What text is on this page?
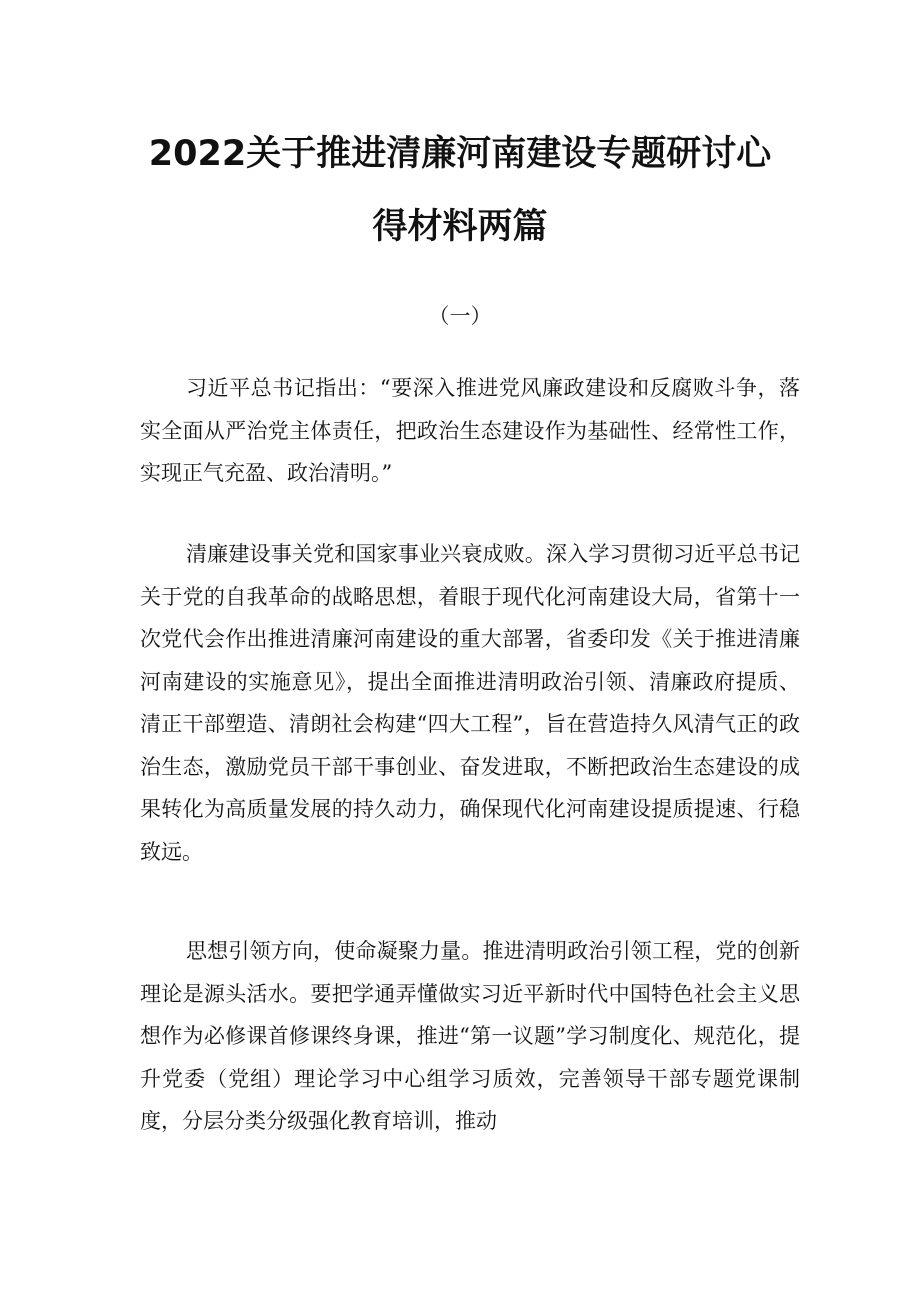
2022关于推进清廉河南建设专题研讨心
得材料两篇
（一）

习近平总书记指出：“要深入推进党风廉政建设和反腐败斗争，落实全面从严治党主体责任，把政治生态建设作为基础性、经常性工作，实现正气充盈、政治清明。”

清廉建设事关党和国家事业兴衰成败。深入学习贯彻习近平总书记关于党的自我革命的战略思想，着眼于现代化河南建设大局，省第十一次党代会作出推进清廉河南建设的重大部署，省委印发《关于推进清廉河南建设的实施意见》，提出全面推进清明政治引领、清廉政府提质、清正干部塑造、清朗社会构建“四大工程”，旨在营造持久风清气正的政治生态，激励党员干部干事创业、奋发进取，不断把政治生态建设的成果转化为高质量发展的持久动力，确保现代化河南建设提质提速、行稳致远。

思想引领方向，使命凝聚力量。推进清明政治引领工程，党的创新理论是源头活水。要把学通弄懂做实习近平新时代中国特色社会主义思想作为必修课首修课终身课，推进“第一议题”学习制度化、规范化，提升党委（党组）理论学习中心组学习质效，完善领导干部专题党课制度，分层分类分级强化教育培训，推动
